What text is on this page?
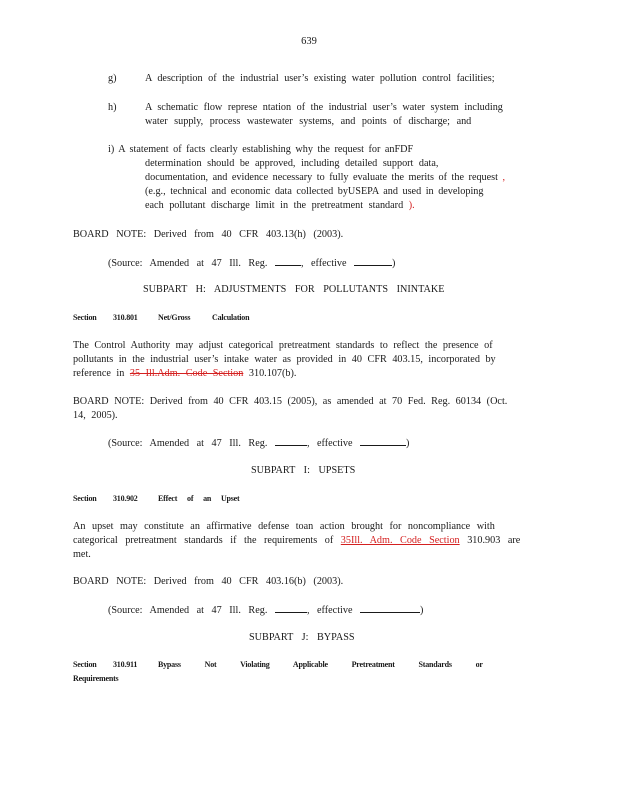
639
g)	A description of the industrial user’s existing water pollution control facilities;
h)	A schematic flow represe ntation of the industrial user’s water system including
water supply, process wastewater systems, and points of discharge; and
i) A statement of facts clearly establishing why the request for anFDF
determination should be approved, including detailed support data,
documentation, and evidence necessary to fully evaluate the merits of the request ,
(e.g., technical and economic data collected byUSEPA and used in developing
each pollutant discharge limit in the pretreatment standard ).
BOARD NOTE: Derived from 40 CFR 403.13(h) (2003).
(Source: Amended at 47 Ill. Reg.	, effective	)
SUBPART H: ADJUSTMENTS FOR POLLUTANTS ININTAKE
Section 310.801	Net/Gross	Calculation
The Control Authority may adjust categorical pretreatment standards to reflect the presence of
pollutants in the industrial user’s intake water as provided in 40 CFR 403.15, incorporated by
reference in 35 Ill.Adm. Code Section 310.107(b).
BOARD NOTE: Derived from 40 CFR 403.15 (2005), as amended at 70 Fed. Reg. 60134 (Oct.
14, 2005).
(Source: Amended at 47 Ill. Reg.	, effective	)
SUBPART I: UPSETS
Section 310.902	Effect of an Upset
An upset may constitute an affirmative defense toan action brought for noncompliance with
categorical pretreatment standards if the requirements of 35Ill. Adm. Code Section 310.903 are
met.
BOARD NOTE: Derived from 40 CFR 403.16(b) (2003).
(Source: Amended at 47 Ill. Reg.	, effective	)
SUBPART J: BYPASS
Section 310.911	Bypass Not Violating Applicable Pretreatment Standards or
Requirements
